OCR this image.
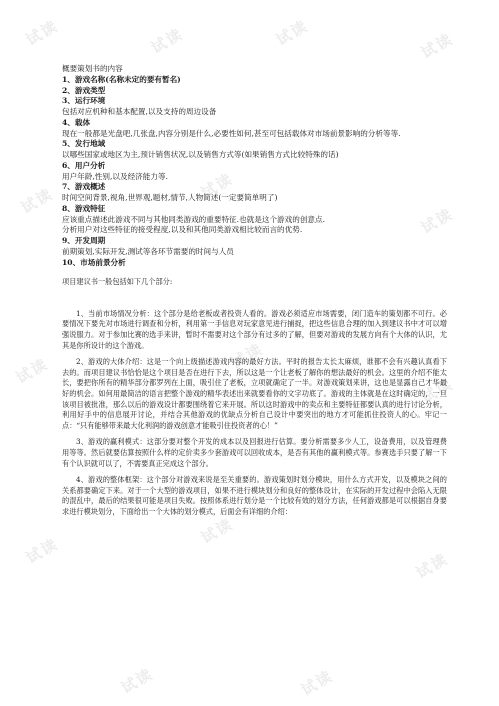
试读	试读	试读	试读
试读	试读
试读
试读	试读
试读
试读
试读
试读
试读	试读
概要策划书的内容
1、游戏名称(名称未定的要有暂名)
2、游戏类型
3、运行环境
包括对应机种和基本配置,以及支持的周边设备
4、载体
现在一般都是光盘吧,几张盘,内容分别是什么,必要性如何,甚至可包括载体对市场前景影响的分析等等.
5、发行地域
以哪些国家或地区为主,预计销售状况,以及销售方式等(如果销售方式比较特殊的话)
6、用户分析
用户年龄,性别,以及经济能力等.
7、游戏概述
时间空间背景,视角,世界观,题材,情节,人物简述(一定要简单明了)
8、游戏特征
应该重点描述此游戏不同与其他同类游戏的重要特征.也就是这个游戏的创意点.
分析用户对这些特征的接受程度,以及和其他同类游戏相比较而言的优势.
9、开发周期
前期策划,实际开发,测试等各环节需要的时间与人员
10、市场前景分析
项目建议书一般包括如下几个部分:
1、当前市场情况分析：这个部分是给老板或者投资人看的。游戏必须适应市场需要，闭门造车的策划都不可行。必要情况下要先对市场进行调查和分析，利用第一手信息对玩家意见进行捕捉，把这些信息合理的加入到建议书中才可以增强说服力。对于参加比赛的选手来讲，暂时不需要对这个部分有过多的了解，但要对游戏的发展方向有个大体的认识，尤其是你所设计的这个游戏。
2、游戏的大体介绍：这是一个向上级描述游戏内容的最好方法。平时的报告太长太麻烦，谁都不会有兴趣认真看下去的。而项目建议书恰恰是这个项目是否在进行下去，所以这是一个让老板了解你的想法最好的机会。这里的介绍不能太长，要把你所有的精华部分都罗列在上面，吸引住了老板，立项就确定了一半。对游戏策划来讲，这也是显露自己才华最好的机会。如何用最简洁的语言把整个游戏的精华表述出来就要看你的文字功底了。游戏的主体就是在这时确定的，一旦该项目被批准，那么以后的游戏设计都要围绕着它来开展。所以这时游戏中的卖点和主要特征都要认真的进行讨论分析，利用好手中的信息展开讨论，并结合其他游戏的优缺点分析自己设计中要突出的地方才可能抓住投资人的心。牢记一点：“只有能够带来最大化利润的游戏创意才能吸引住投资者的心！”
3、游戏的赢利模式：这部分要对整个开发的成本以及回报进行估算。要分析需要多少人工，设备费用，以及管理费用等等。然后就要估算按照什么样的定价卖多少套游戏可以回收成本，是否有其他的赢利模式等。参赛选手只要了解一下有个认识就可以了，不需要真正完成这个部分。
4、游戏的整体框架：这个部分对游戏来说是至关重要的。游戏策划时划分模块，用什么方式开发，以及模块之间的关系都要确定下来。对于一个大型的游戏项目，如果不进行模块划分和良好的整体设计，在实际的开发过程中会陷入无限的混乱中，最后的结果很可能是项目失败。按照体系进行划分是一个比较有效的划分方法，任何游戏都是可以根据自身要求进行模块划分，下面给出一个大体的划分模式，后面会有详细的介绍：
